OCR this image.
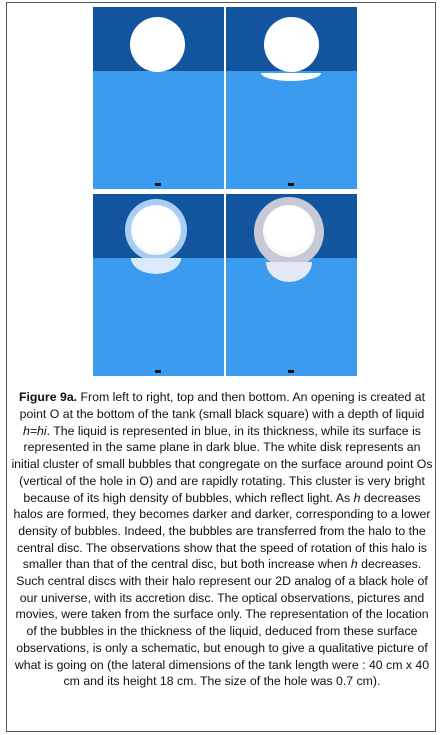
Figure 9a. From left to right, top and then bottom. An opening is created at point O at the bottom of the tank (small black square) with a depth of liquid h=hi. The liquid is represented in blue, in its thickness, while its surface is represented in the same plane in dark blue. The white disk represents an initial cluster of small bubbles that congregate on the surface around point Os (vertical of the hole in O) and are rapidly rotating. This cluster is very bright because of its high density of bubbles, which reflect light. As h decreases halos are formed, they becomes darker and darker, corresponding to a lower density of bubbles. Indeed, the bubbles are transferred from the halo to the central disc. The observations show that the speed of rotation of this halo is smaller than that of the central disc, but both increase when h decreases. Such central discs with their halo represent our 2D analog of a black hole of our universe, with its accretion disc. The optical observations, pictures and movies, were taken from the surface only. The representation of the location of the bubbles in the thickness of the liquid, deduced from these surface observations, is only a schematic, but enough to give a qualitative picture of what is going on (the lateral dimensions of the tank length were : 40 cm x 40 cm and its height 18 cm. The size of the hole was 0.7 cm).
